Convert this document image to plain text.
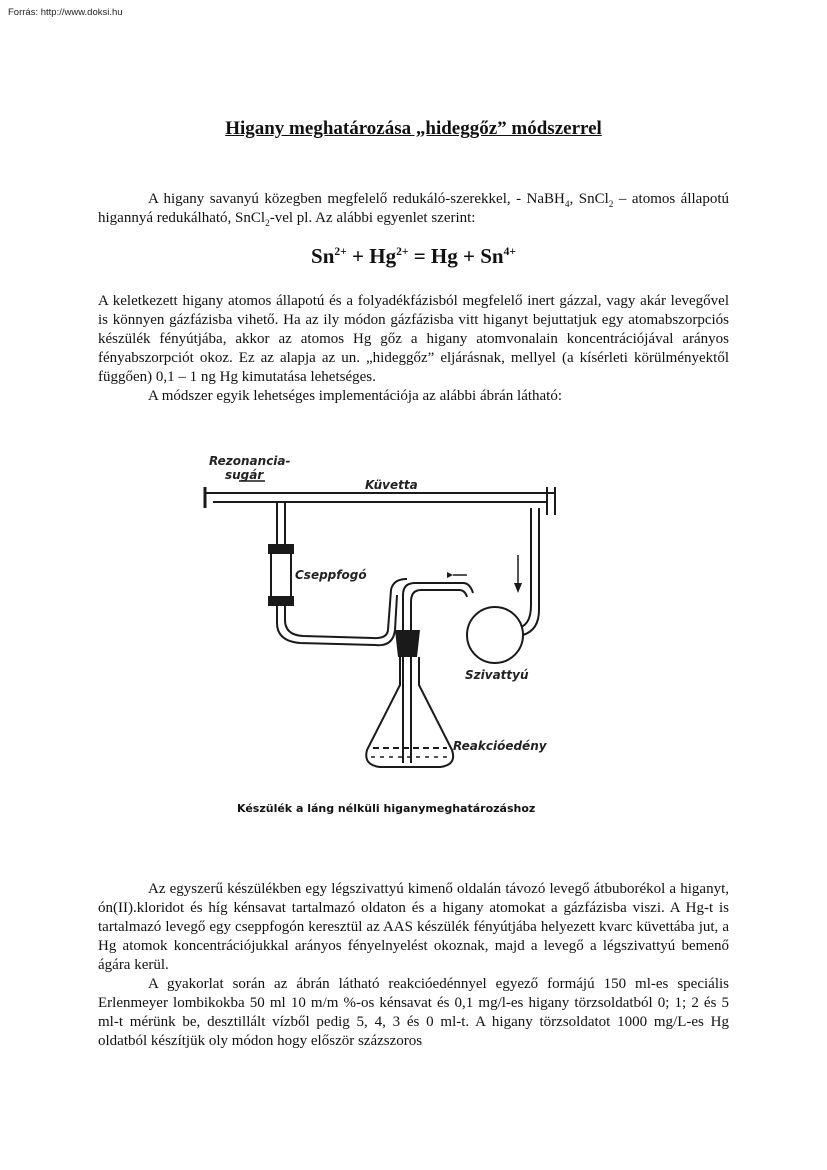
Forrás: http://www.doksi.hu
Higany meghatározása „hideggőz” módszerrel

A higany savanyú közegben megfelelő redukáló-szerekkel, - NaBH$_4$, SnCl$_2$ – atomos állapotú higannyá redukálható, SnCl$_2$-vel pl. Az alábbi egyenlet szerint:

$Sn^{2+} + Hg^{2+} = Hg + Sn^{4+}$

A keletkezett higany atomos állapotú és a folyadékfázisból megfelelő inert gázzal, vagy akár levegővel is könnyen gázfázisba vihető. Ha az ily módon gázfázisba vitt higanyt bejuttatjuk egy atomabszorpciós készülék fényútjába, akkor az atomos Hg gőz a higany atomvonalain koncentrációjával arányos fényabszorpciót okoz. Ez az alapja az un. „hideggőz” eljárásnak, mellyel (a kísérleti körülményektől függően) 0,1 – 1 ng Hg kimutatása lehetséges.

A módszer egyik lehetséges implementációja az alábbi ábrán látható:

Rezonancia-
sugár
Küvetta
Cseppfogó
Szivattyú
Reakcióedény
Készülék a láng nélküli higanymeghatározáshoz

Az egyszerű készülékben egy légszivattyú kimenő oldalán távozó levegő átbuborékol a higanyt, ón(II).kloridot és híg kénsavat tartalmazó oldaton és a higany atomokat a gázfázisba viszi. A Hg-t is tartalmazó levegő egy cseppfogón keresztül az AAS készülék fényútjába helyezett kvarc küvettába jut, a Hg atomok koncentrációjukkal arányos fényelnyelést okoznak, majd a levegő a légszivattyú bemenő ágára kerül.

A gyakorlat során az ábrán látható reakcióedénnyel egyező formájú 150 ml-es speciális Erlenmeyer lombikokba 50 ml 10 m/m %-os kénsavat és 0,1 mg/l-es higany törzsoldatból 0; 1; 2 és 5 ml-t mérünk be, desztillált vízből pedig 5, 4, 3 és 0 ml-t. A higany törzsoldatot 1000 mg/L-es Hg oldatból készítjük oly módon hogy először százszoros
